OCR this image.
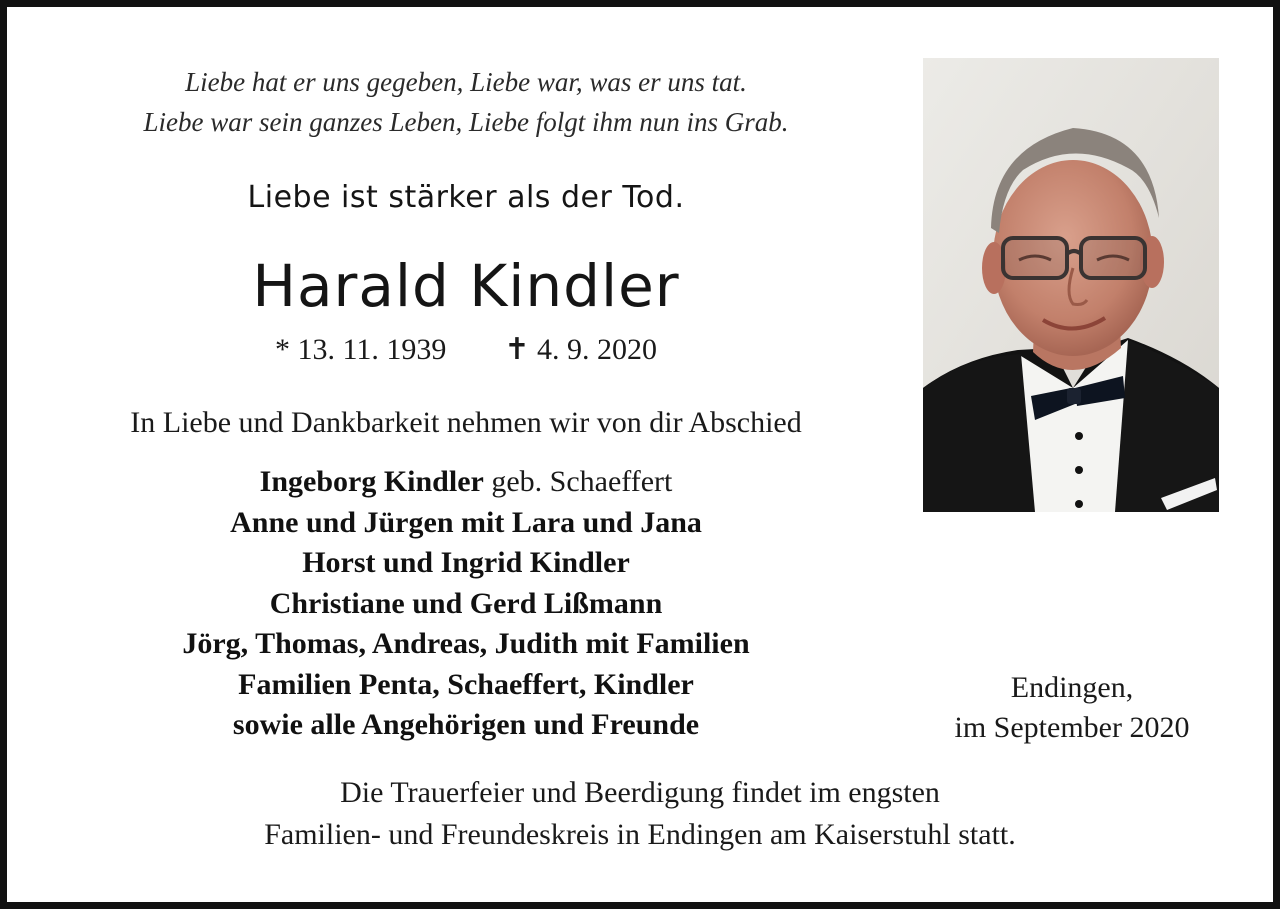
Liebe hat er uns gegeben, Liebe war, was er uns tat.
Liebe war sein ganzes Leben, Liebe folgt ihm nun ins Grab.
Liebe ist stärker als der Tod.
Harald Kindler
* 13. 11. 1939 ✝ 4. 9. 2020
In Liebe und Dankbarkeit nehmen wir von dir Abschied
Ingeborg Kindler geb. Schaeffert
Anne und Jürgen mit Lara und Jana
Horst und Ingrid Kindler
Christiane und Gerd Lißmann
Jörg, Thomas, Andreas, Judith mit Familien
Familien Penta, Schaeffert, Kindler
sowie alle Angehörigen und Freunde
Endingen,
im September 2020
Die Trauerfeier und Beerdigung findet im engsten
Familien- und Freundeskreis in Endingen am Kaiserstuhl statt.
